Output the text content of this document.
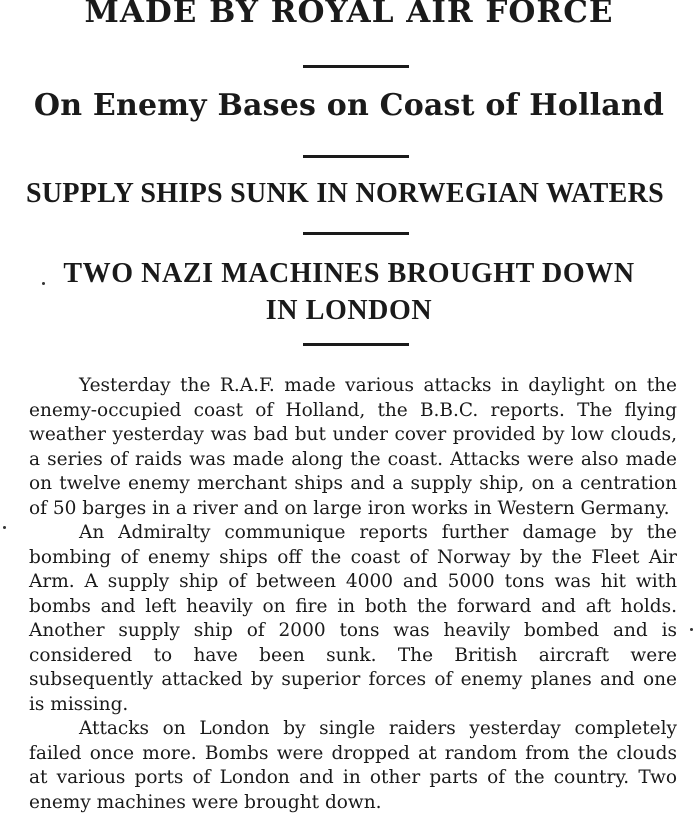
MADE BY ROYAL AIR FORCE
On Enemy Bases on Coast of Holland
SUPPLY SHIPS SUNK IN NORWEGIAN WATERS
TWO NAZI MACHINES BROUGHT DOWN
IN LONDON

Yesterday the R.A.F. made various attacks in daylight on the enemy-occupied coast of Holland, the B.B.C. reports. The flying weather yesterday was bad but under cover provided by low clouds, a series of raids was made along the coast. Attacks were also made on twelve enemy merchant ships and a supply ship, on a centration of 50 barges in a river and on large iron works in Western Germany.

An Admiralty communique reports further damage by the bombing of enemy ships off the coast of Norway by the Fleet Air Arm. A supply ship of between 4000 and 5000 tons was hit with bombs and left heavily on fire in both the forward and aft holds. Another supply ship of 2000 tons was heavily bombed and is considered to have been sunk. The British aircraft were subsequently attacked by superior forces of enemy planes and one is missing.

Attacks on London by single raiders yesterday completely failed once more. Bombs were dropped at random from the clouds at various ports of London and in other parts of the country. Two enemy machines were brought down.
